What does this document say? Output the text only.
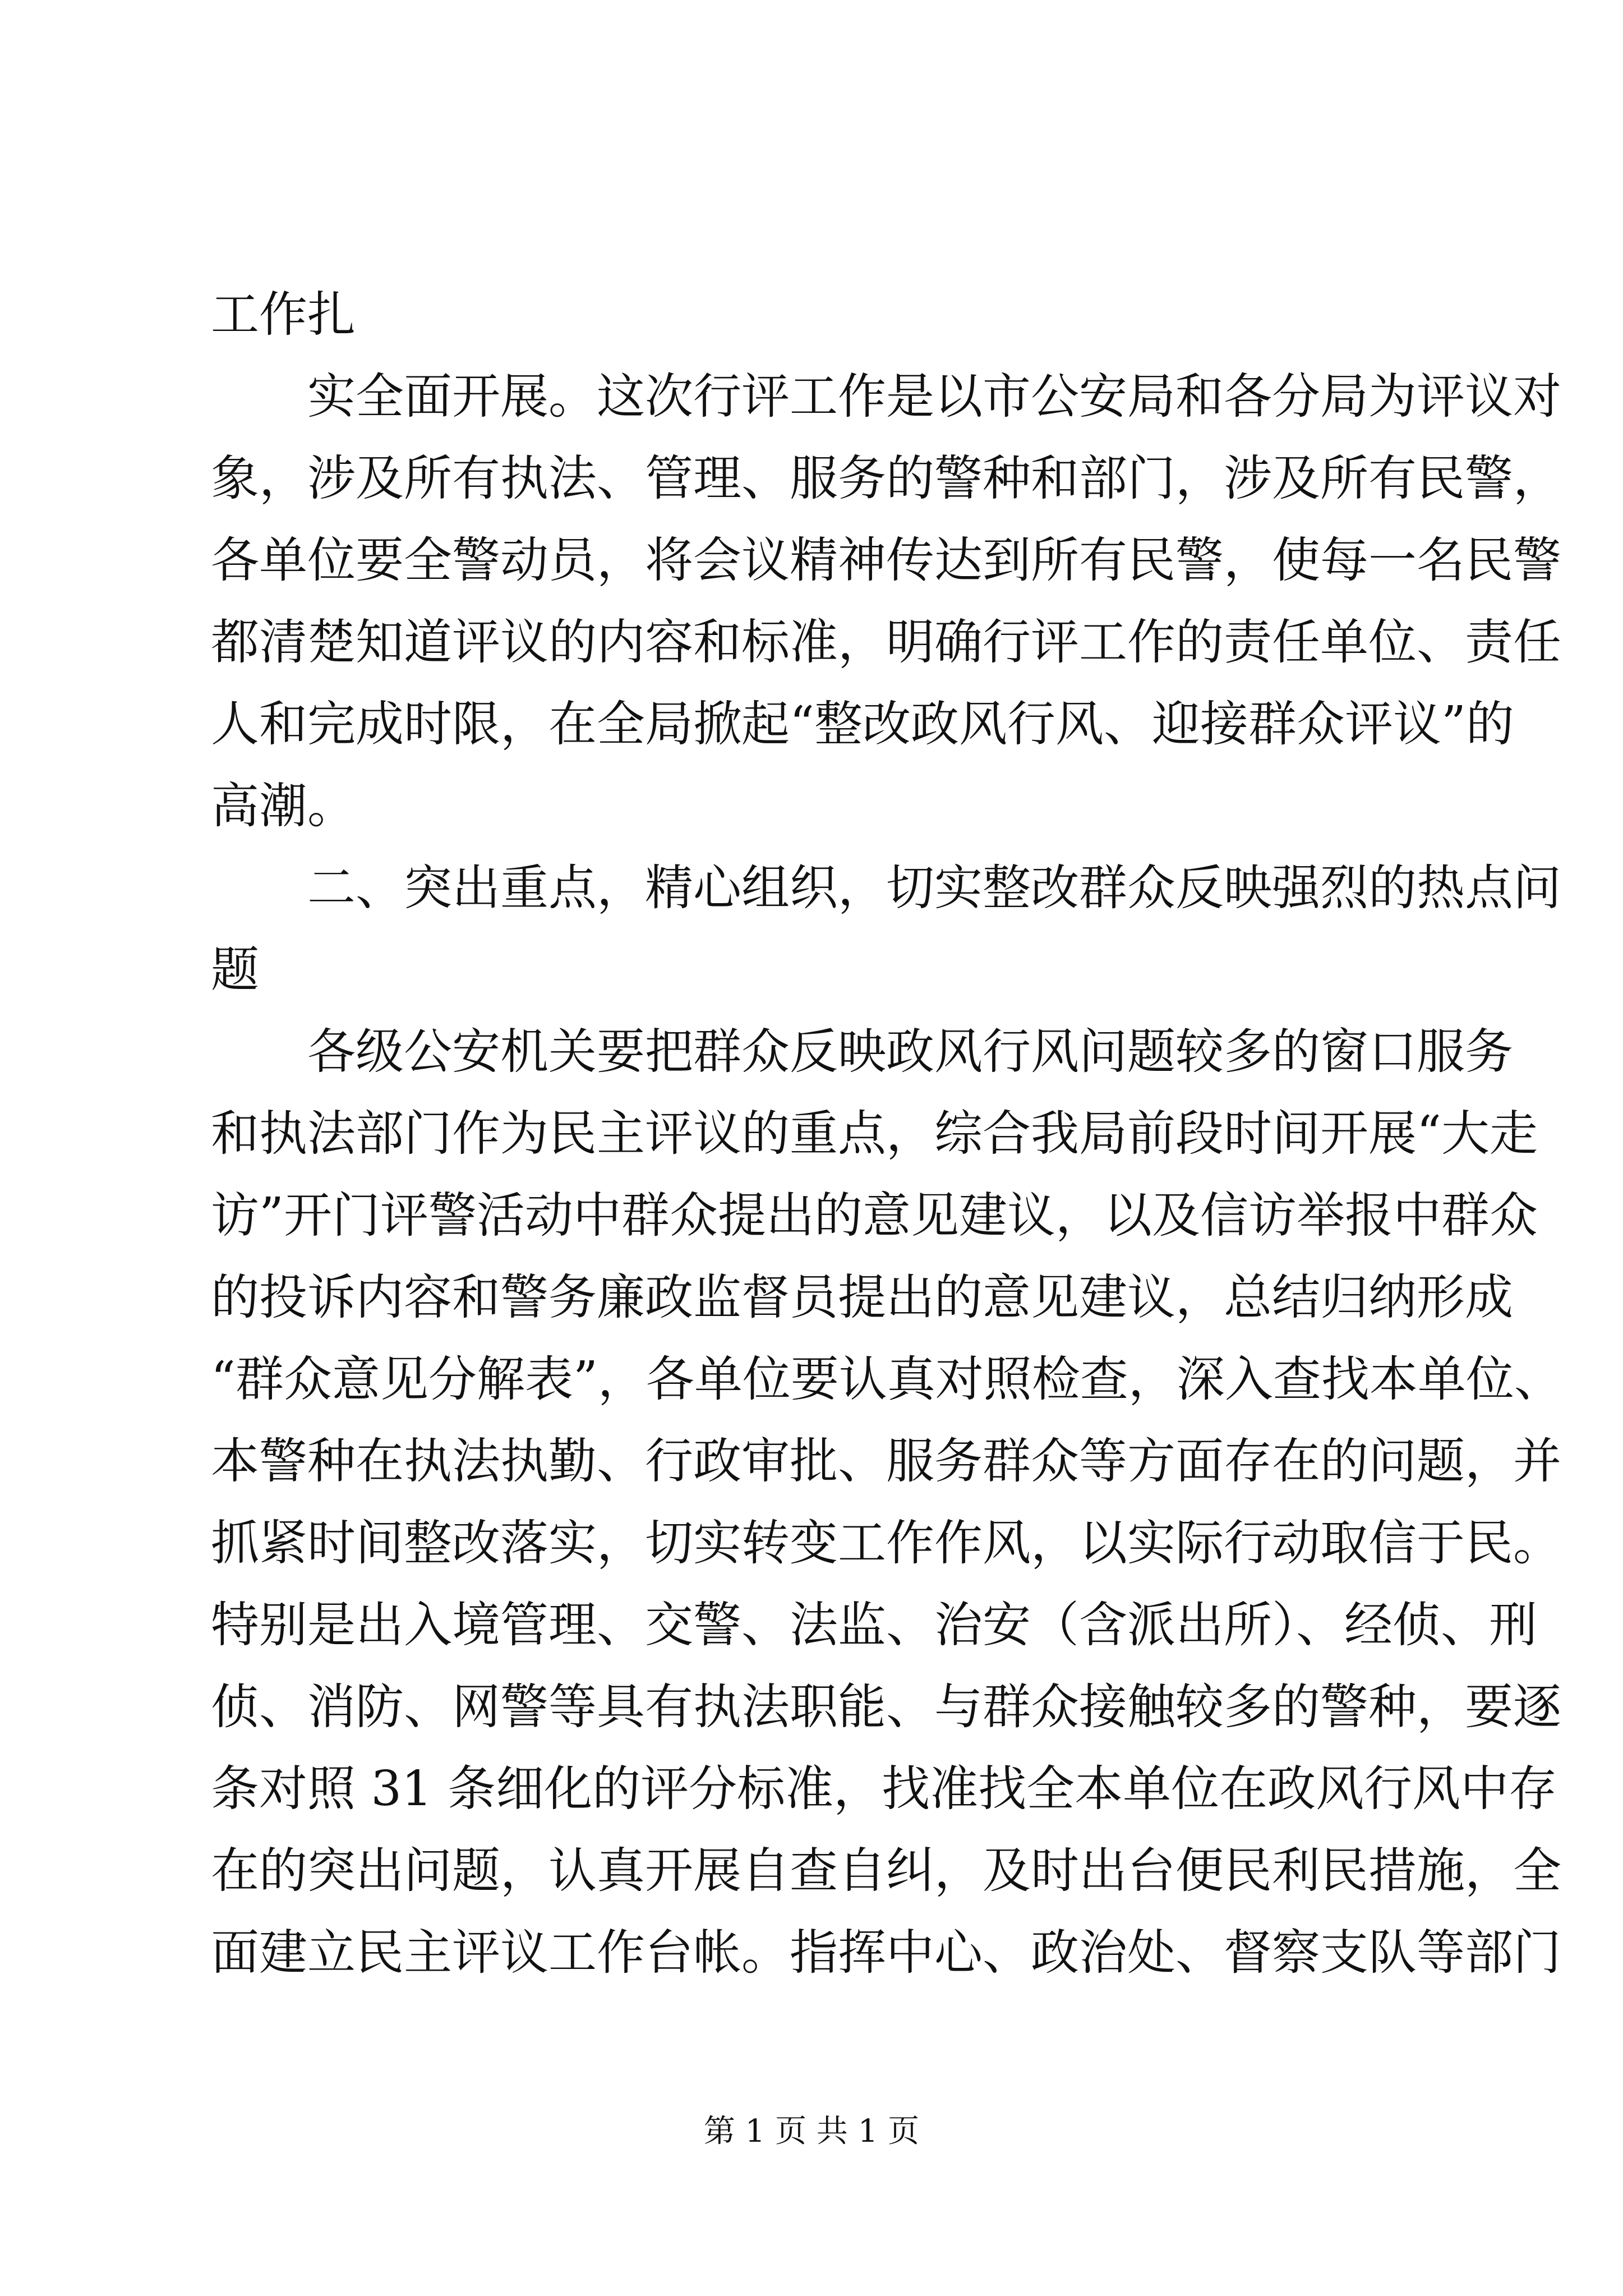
工作扎
实全面开展。这次行评工作是以市公安局和各分局为评议对
象，涉及所有执法、管理、服务的警种和部门，涉及所有民警，
各单位要全警动员，将会议精神传达到所有民警，使每一名民警
都清楚知道评议的内容和标准，明确行评工作的责任单位、责任
人和完成时限，在全局掀起“整改政风行风、迎接群众评议”的
高潮。
二、突出重点，精心组织，切实整改群众反映强烈的热点问
题
各级公安机关要把群众反映政风行风问题较多的窗口服务
和执法部门作为民主评议的重点，综合我局前段时间开展“大走
访”开门评警活动中群众提出的意见建议，以及信访举报中群众
的投诉内容和警务廉政监督员提出的意见建议，总结归纳形成
“群众意见分解表”，各单位要认真对照检查，深入查找本单位、
本警种在执法执勤、行政审批、服务群众等方面存在的问题，并
抓紧时间整改落实，切实转变工作作风，以实际行动取信于民。
特别是出入境管理、交警、法监、治安（含派出所）、经侦、刑
侦、消防、网警等具有执法职能、与群众接触较多的警种，要逐
条对照 31 条细化的评分标准，找准找全本单位在政风行风中存
在的突出问题，认真开展自查自纠，及时出台便民利民措施，全
面建立民主评议工作台帐。指挥中心、政治处、督察支队等部门
第 1 页 共 1 页
